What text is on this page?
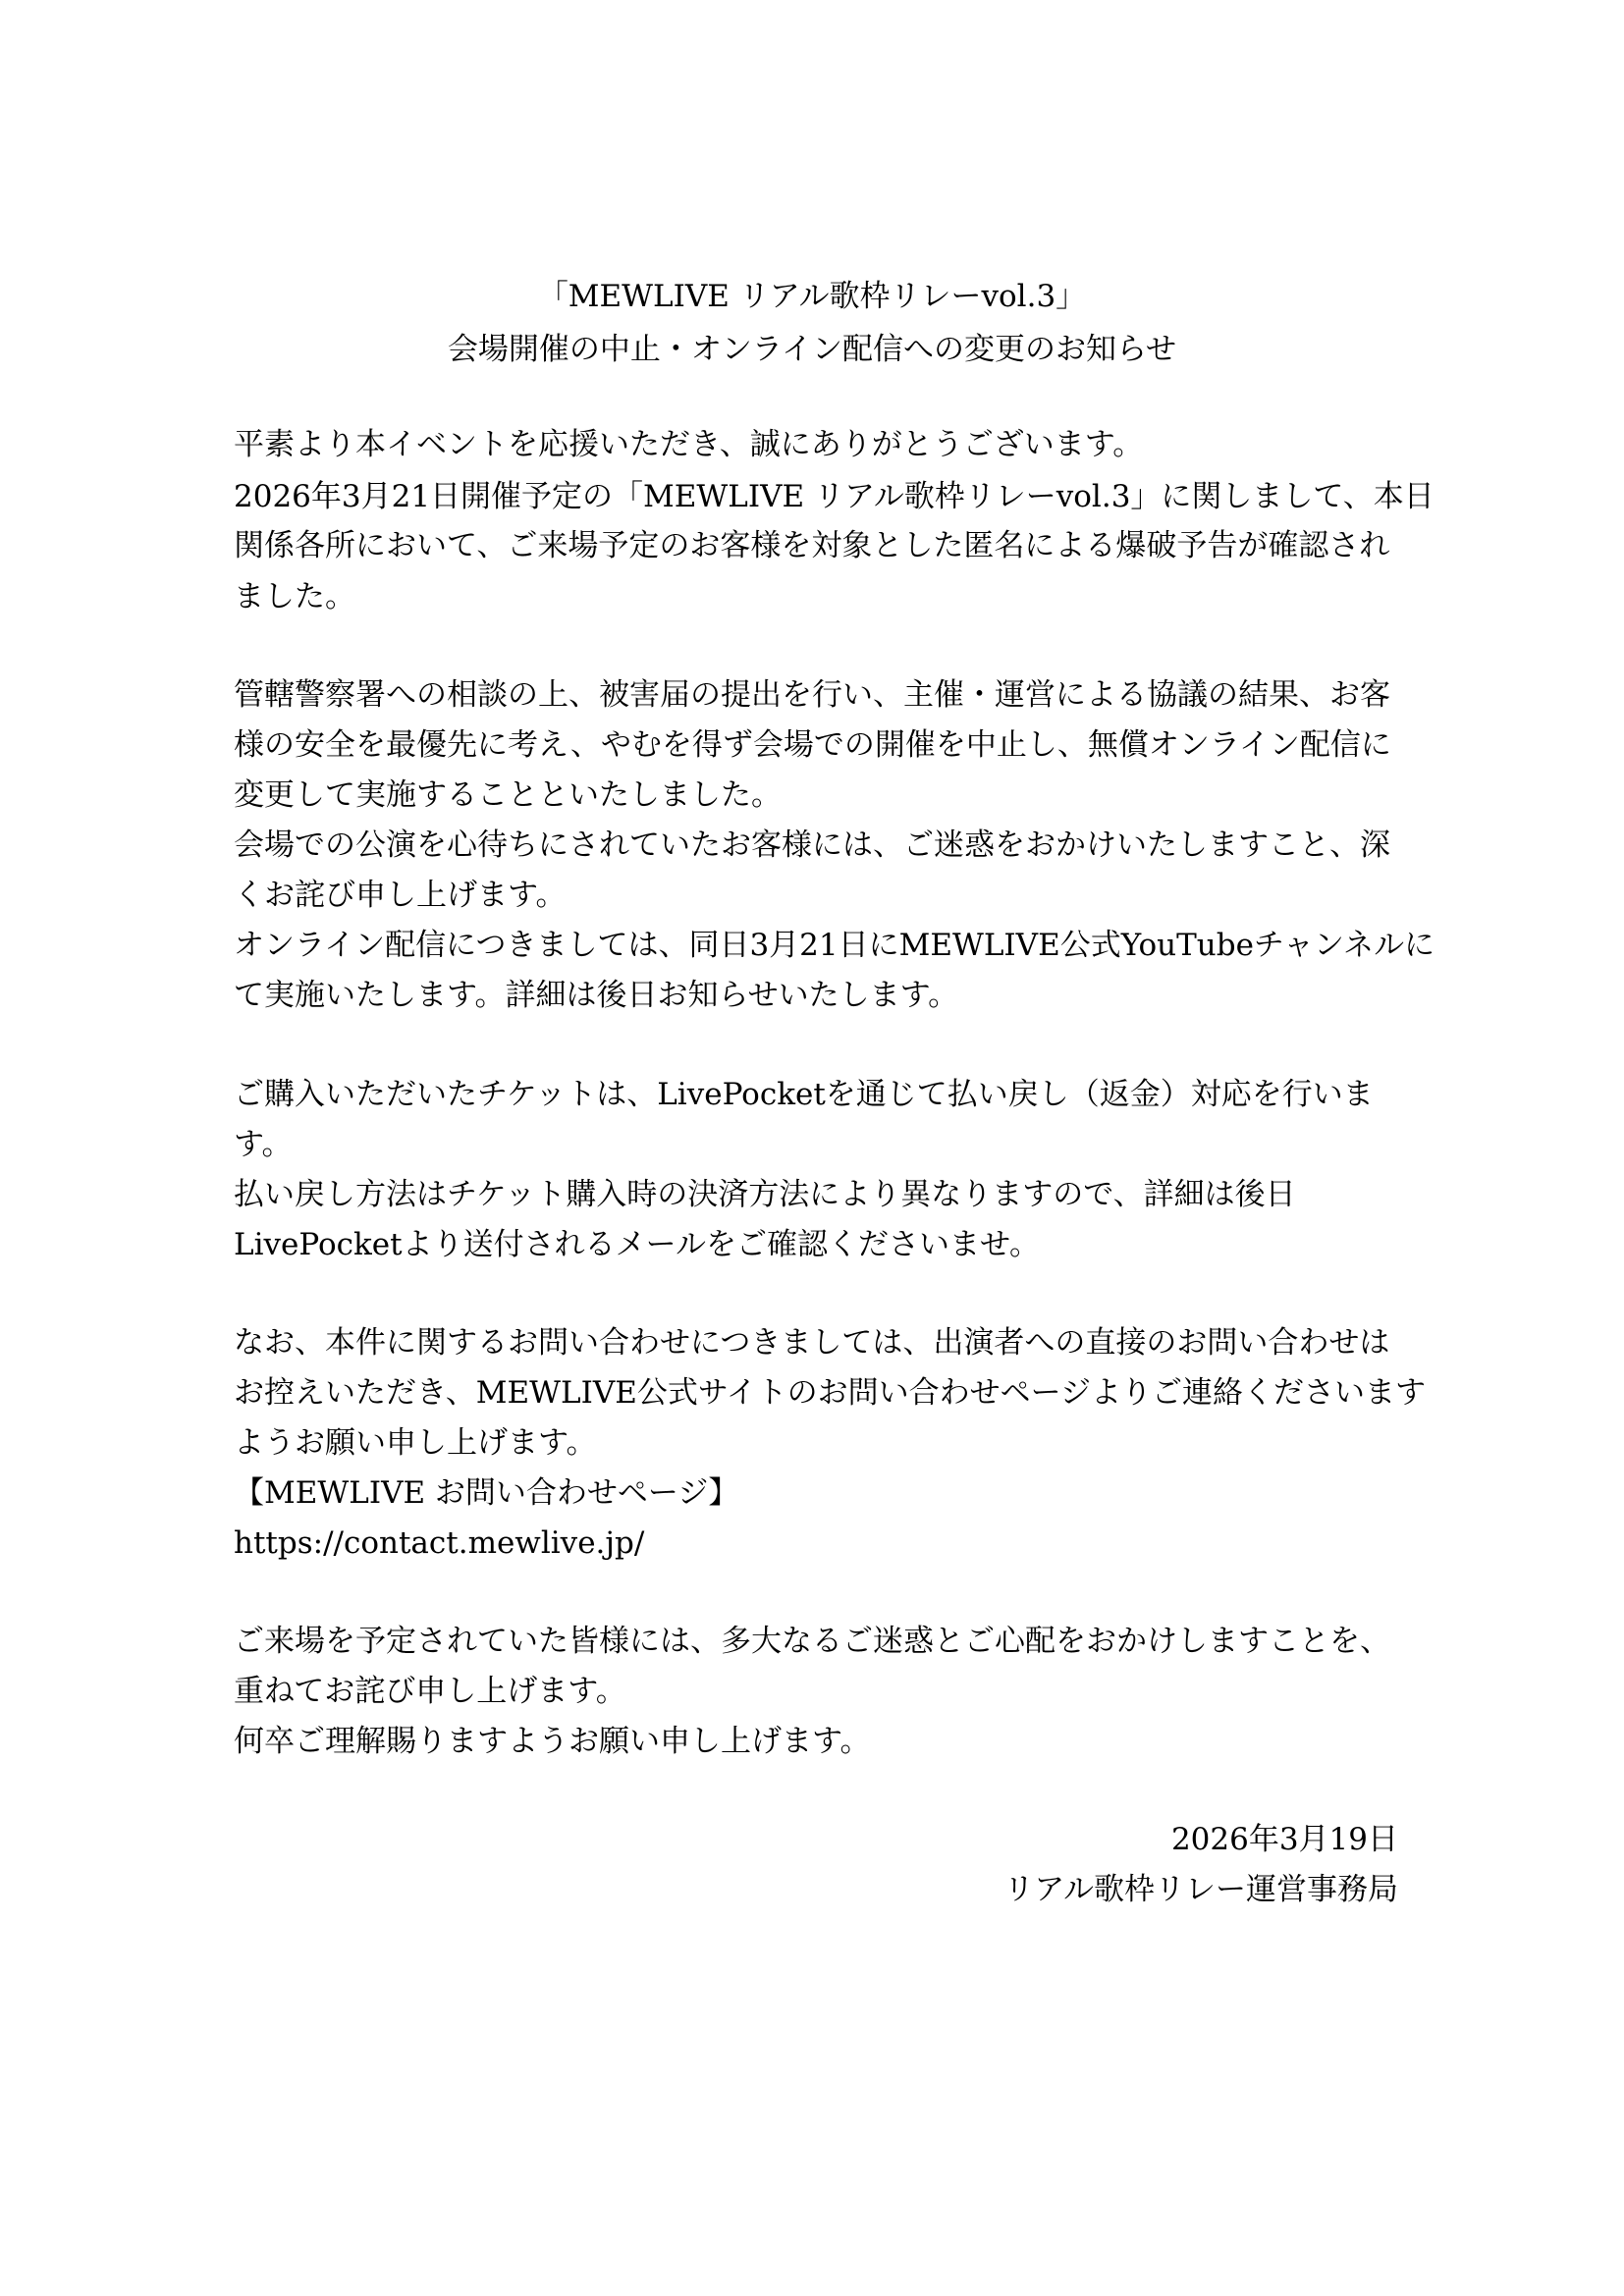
「MEWLIVE リアル歌枠リレーvol.3」
会場開催の中止・オンライン配信への変更のお知らせ
平素より本イベントを応援いただき、誠にありがとうございます。
2026年3月21日開催予定の「MEWLIVE リアル歌枠リレーvol.3」に関しまして、本日
関係各所において、ご来場予定のお客様を対象とした匿名による爆破予告が確認され
ました。
管轄警察署への相談の上、被害届の提出を行い、主催・運営による協議の結果、お客
様の安全を最優先に考え、やむを得ず会場での開催を中止し、無償オンライン配信に
変更して実施することといたしました。
会場での公演を心待ちにされていたお客様には、ご迷惑をおかけいたしますこと、深
くお詫び申し上げます。
オンライン配信につきましては、同日3月21日にMEWLIVE公式YouTubeチャンネルに
て実施いたします。詳細は後日お知らせいたします。
ご購入いただいたチケットは、LivePocketを通じて払い戻し（返金）対応を行いま
す。
払い戻し方法はチケット購入時の決済方法により異なりますので、詳細は後日
LivePocketより送付されるメールをご確認くださいませ。
なお、本件に関するお問い合わせにつきましては、出演者への直接のお問い合わせは
お控えいただき、MEWLIVE公式サイトのお問い合わせページよりご連絡くださいます
ようお願い申し上げます。
【MEWLIVE お問い合わせページ】
https://contact.mewlive.jp/
ご来場を予定されていた皆様には、多大なるご迷惑とご心配をおかけしますことを、
重ねてお詫び申し上げます。
何卒ご理解賜りますようお願い申し上げます。
2026年3月19日
リアル歌枠リレー運営事務局
